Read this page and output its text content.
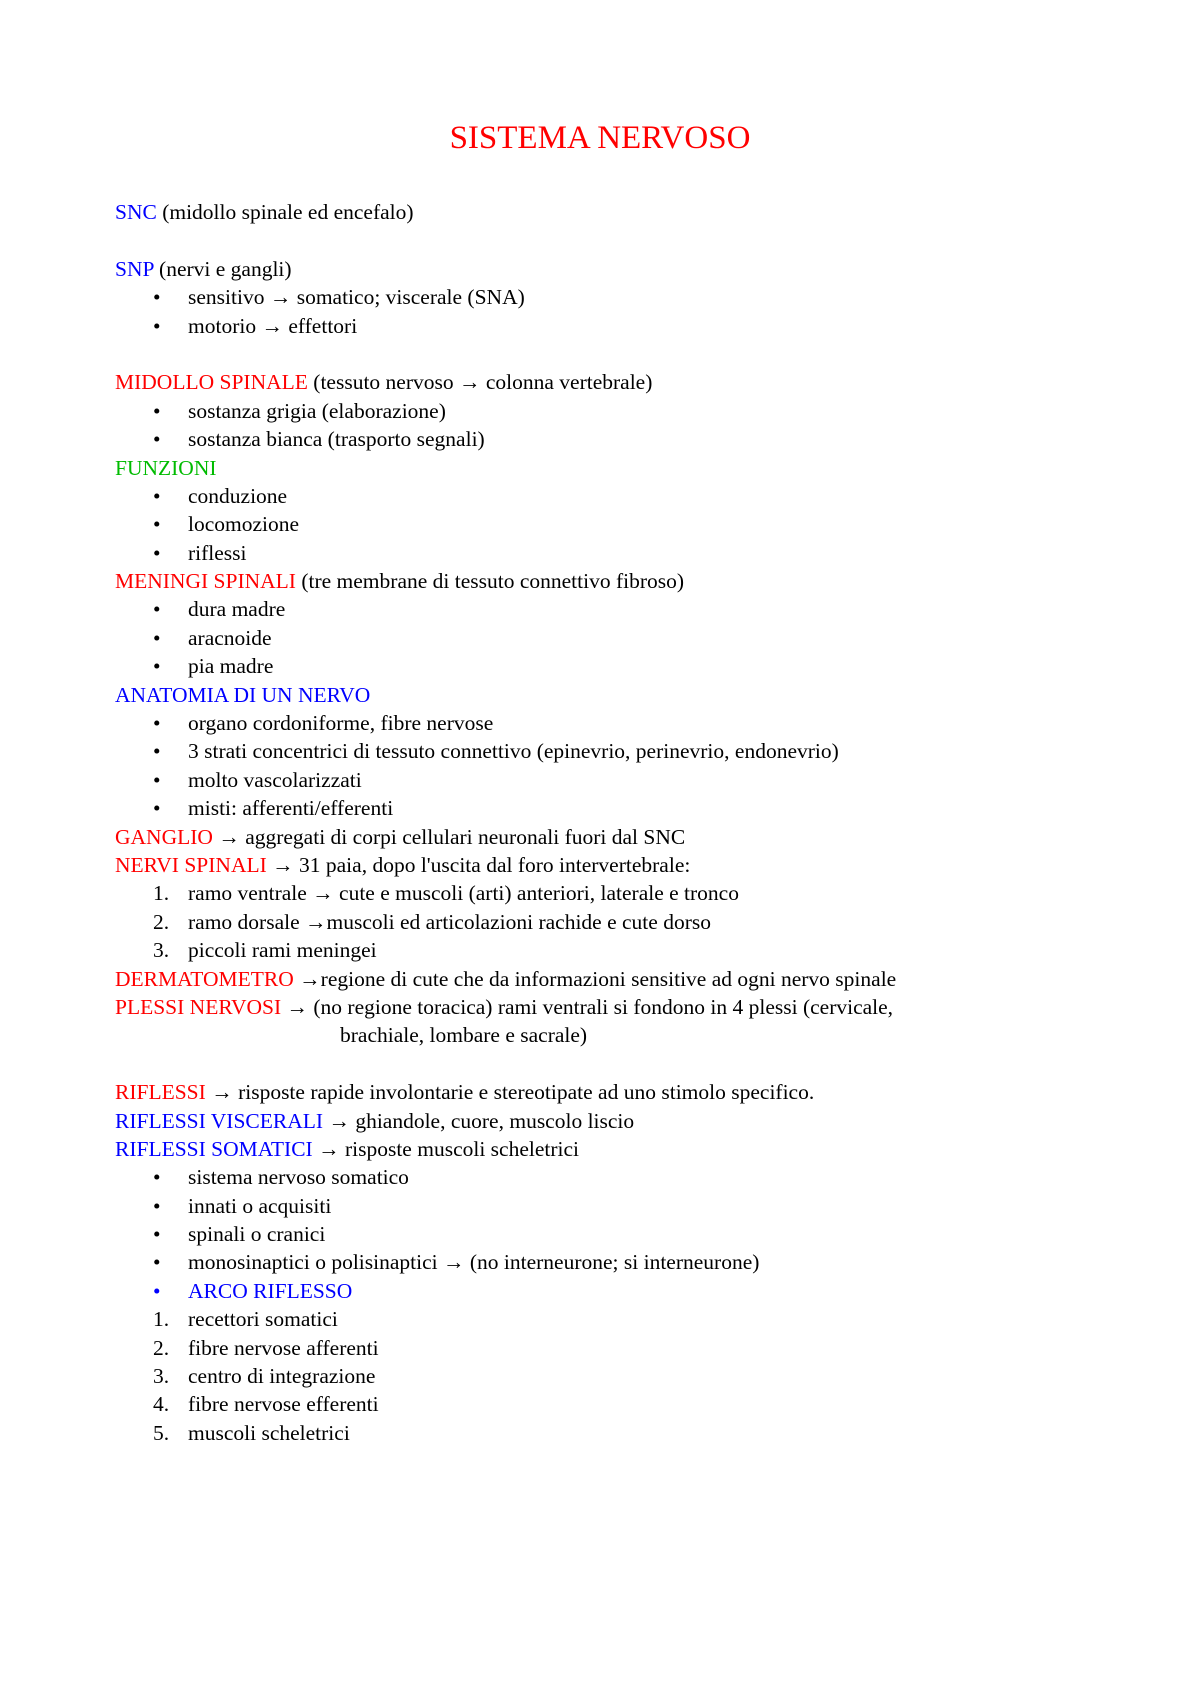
SISTEMA NERVOSO
SNC (midollo spinale ed encefalo)
SNP (nervi e gangli)
• sensitivo → somatico; viscerale (SNA)
• motorio → effettori
MIDOLLO SPINALE (tessuto nervoso → colonna vertebrale)
• sostanza grigia (elaborazione)
• sostanza bianca (trasporto segnali)
FUNZIONI
• conduzione
• locomozione
• riflessi
MENINGI SPINALI (tre membrane di tessuto connettivo fibroso)
• dura madre
• aracnoide
• pia madre
ANATOMIA DI UN NERVO
• organo cordoniforme, fibre nervose
• 3 strati concentrici di tessuto connettivo (epinevrio, perinevrio, endonevrio)
• molto vascolarizzati
• misti: afferenti/efferenti
GANGLIO → aggregati di corpi cellulari neuronali fuori dal SNC
NERVI SPINALI → 31 paia, dopo l'uscita dal foro intervertebrale:
1. ramo ventrale → cute e muscoli (arti) anteriori, laterale e tronco
2. ramo dorsale →muscoli ed articolazioni rachide e cute dorso
3. piccoli rami meningei
DERMATOMETRO →regione di cute che da informazioni sensitive ad ogni nervo spinale
PLESSI NERVOSI → (no regione toracica) rami ventrali si fondono in 4 plessi (cervicale,
brachiale, lombare e sacrale)
RIFLESSI → risposte rapide involontarie e stereotipate ad uno stimolo specifico.
RIFLESSI VISCERALI → ghiandole, cuore, muscolo liscio
RIFLESSI SOMATICI → risposte muscoli scheletrici
• sistema nervoso somatico
• innati o acquisiti
• spinali o cranici
• monosinaptici o polisinaptici → (no interneurone; si interneurone)
• ARCO RIFLESSO
1. recettori somatici
2. fibre nervose afferenti
3. centro di integrazione
4. fibre nervose efferenti
5. muscoli scheletrici
